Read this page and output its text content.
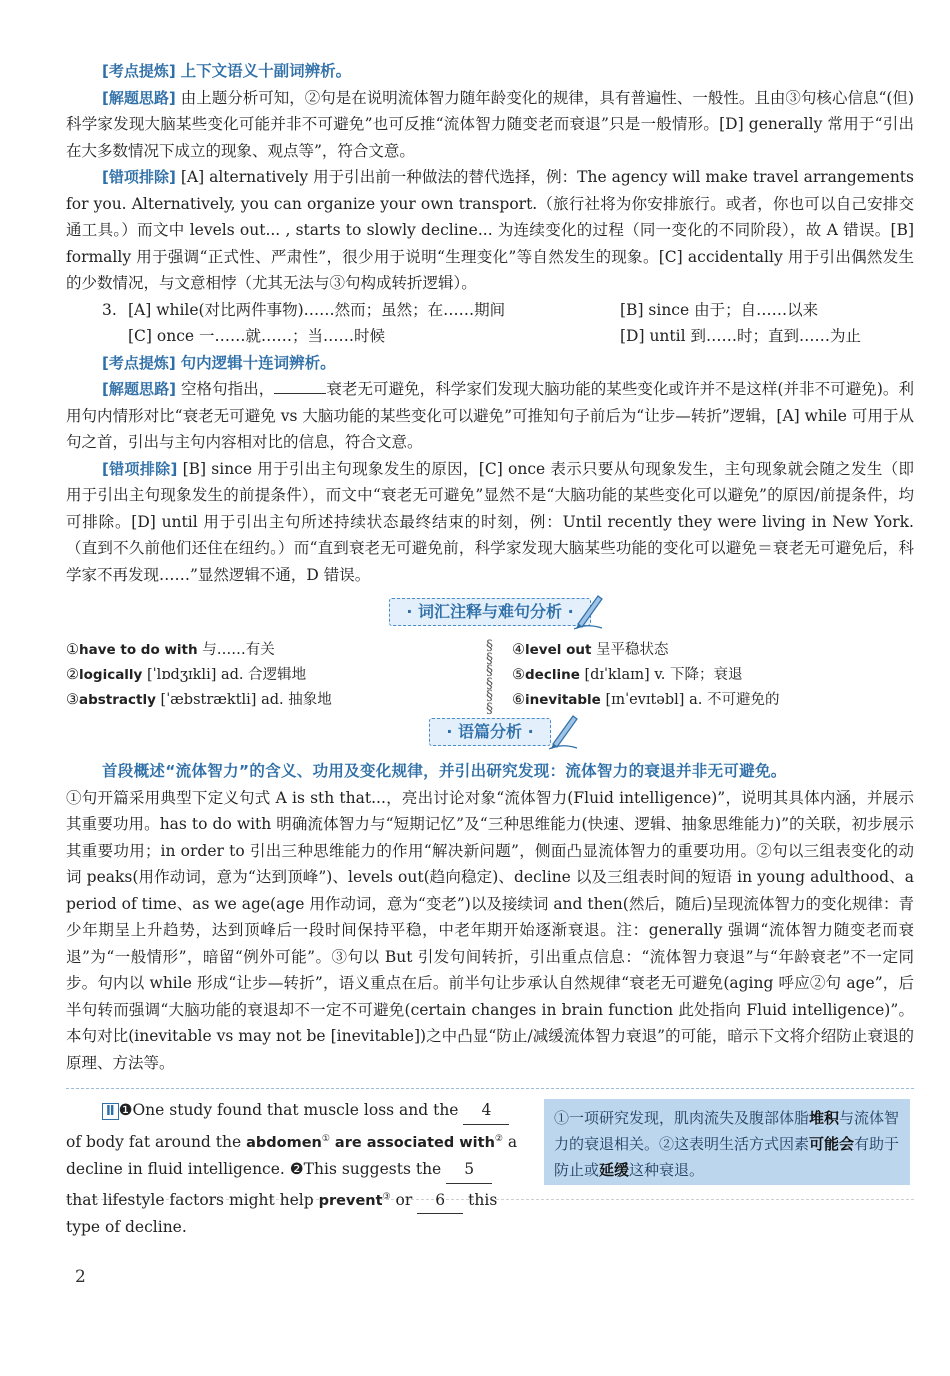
[考点提炼] 上下文语义十副词辨析。

[解题思路] 由上题分析可知，②句是在说明流体智力随年龄变化的规律，具有普遍性、一般性。且由③句核心信息“(但)科学家发现大脑某些变化可能并非不可避免”也可反推“流体智力随变老而衰退”只是一般情形。[D] generally 常用于“引出在大多数情况下成立的现象、观点等”，符合文意。

[错项排除] [A] alternatively 用于引出前一种做法的替代选择，例：The agency will make travel arrangements for you. Alternatively, you can organize your own transport.（旅行社将为你安排旅行。或者，你也可以自己安排交通工具。）而文中 levels out... , starts to slowly decline... 为连续变化的过程（同一变化的不同阶段），故 A 错误。[B] formally 用于强调“正式性、严肃性”，很少用于说明“生理变化”等自然发生的现象。[C] accidentally 用于引出偶然发生的少数情况，与文意相悖（尤其无法与③句构成转折逻辑）。

3. [A] while(对比两件事物)……然而；虽然；在……期间	[B] since 由于；自……以来
[C] once 一……就……；当……时候	[D] until 到……时；直到……为止

[考点提炼] 句内逻辑十连词辨析。

[解题思路] 空格句指出，	衰老无可避免，科学家们发现大脑功能的某些变化或许并不是这样(并非不可避免)。利用句内情形对比“衰老无可避免 vs 大脑功能的某些变化可以避免”可推知句子前后为“让步—转折”逻辑，[A] while 可用于从句之首，引出与主句内容相对比的信息，符合文意。

[错项排除] [B] since 用于引出主句现象发生的原因，[C] once 表示只要从句现象发生，主句现象就会随之发生（即用于引出主句现象发生的前提条件），而文中“衰老无可避免”显然不是“大脑功能的某些变化可以避免”的原因/前提条件，均可排除。[D] until 用于引出主句所述持续状态最终结束的时刻，例：Until recently they were living in New York.（直到不久前他们还住在纽约。）而“直到衰老无可避免前，科学家发现大脑某些功能的变化可以避免＝衰老无可避免后，科学家不再发现……”显然逻辑不通，D 错误。

· 词汇注释与难句分析 ·
①have to do with 与……有关
②logically [ˈlɒdʒɪkli] ad. 合逻辑地
③abstractly [ˈæbstræktli] ad. 抽象地
§
§
§
§
§
§
④level out 呈平稳状态
⑤decline [dɪˈklaɪn] v. 下降；衰退
⑥inevitable [ɪnˈevɪtəbl] a. 不可避免的
· 语篇分析 ·

首段概述“流体智力”的含义、功用及变化规律，并引出研究发现：流体智力的衰退并非无可避免。

①句开篇采用典型下定义句式 A is sth that...，亮出讨论对象“流体智力(Fluid intelligence)”，说明其具体内涵，并展示其重要功用。has to do with 明确流体智力与“短期记忆”及“三种思维能力(快速、逻辑、抽象思维能力)”的关联，初步展示其重要功用；in order to 引出三种思维能力的作用“解决新问题”，侧面凸显流体智力的重要功用。②句以三组表变化的动词 peaks(用作动词，意为“达到顶峰”)、levels out(趋向稳定)、decline 以及三组表时间的短语 in young adulthood、a period of time、as we age(age 用作动词，意为“变老”)以及接续词 and then(然后，随后)呈现流体智力的变化规律：青少年期呈上升趋势，达到顶峰后一段时间保持平稳，中老年期开始逐渐衰退。注：generally 强调“流体智力随变老而衰退”为“一般情形”，暗留“例外可能”。③句以 But 引发句间转折，引出重点信息：“流体智力衰退”与“年龄衰老”不一定同步。句内以 while 形成“让步—转折”，语义重点在后。前半句让步承认自然规律“衰老无可避免(aging 呼应②句 age”，后半句转而强调“大脑功能的衰退却不一定不可避免(certain changes in brain function 此处指向 Fluid intelligence)”。本句对比(inevitable vs may not be [inevitable])之中凸显“防止/减缓流体智力衰退”的可能，暗示下文将介绍防止衰退的原理、方法等。

Ⅱ ❶One study found that muscle loss and the 4 of body fat around the abdomen① are associated with② a decline in fluid intelligence. ❷This suggests the 5 that lifestyle factors might help prevent③ or 6 this type of decline.
①一项研究发现，肌肉流失及腹部体脂堆积与流体智力的衰退相关。②这表明生活方式因素可能会有助于防止或延缓这种衰退。
2
